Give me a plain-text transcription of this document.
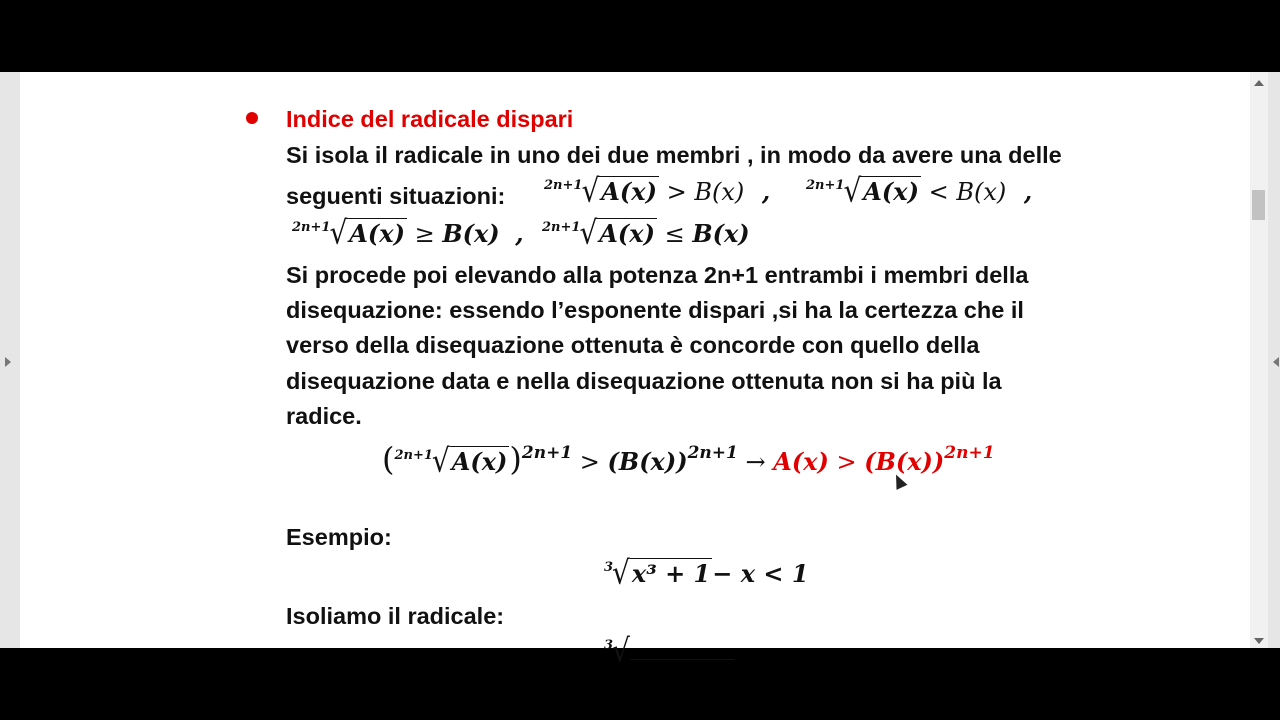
Indice del radicale dispari
Si isola il radicale in uno dei due membri , in modo da avere una delle
seguenti situazioni:	$^{2n+1}$√A(x) > B(x) ,	$^{2n+1}$√A(x) < B(x) ,
$^{2n+1}$√A(x) ≥ B(x) , $^{2n+1}$√A(x) ≤ B(x)
Si procede poi elevando alla potenza 2n+1 entrambi i membri della
disequazione: essendo l’esponente dispari ,si ha la certezza che il
verso della disequazione ottenuta è concorde con quello della
disequazione data e nella disequazione ottenuta non si ha più la
radice.
$(^{2n+1}√A(x))^{2n+1} > (B(x))^{2n+1} \to A(x) > (B(x))^{2n+1}$
Esempio:
$^3$√x³ + 1− x < 1
Isoliamo il radicale:
$^3$√
